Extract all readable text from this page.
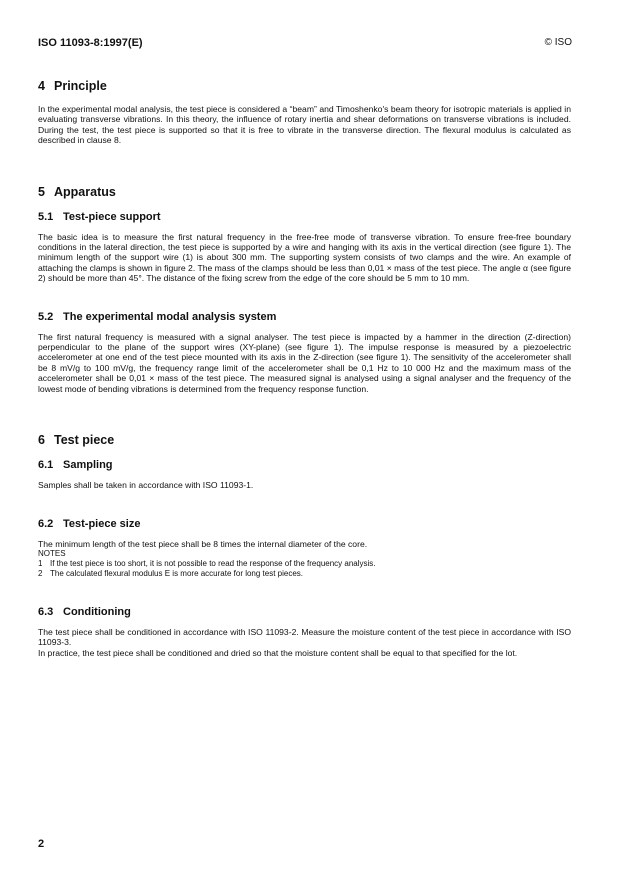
ISO 11093-8:1997(E)	© ISO
4 Principle

In the experimental modal analysis, the test piece is considered a “beam” and Timoshenko's beam theory for isotropic materials is applied in evaluating transverse vibrations. In this theory, the influence of rotary inertia and shear deformations on transverse vibrations is included. During the test, the test piece is supported so that it is free to vibrate in the transverse direction. The flexural modulus is calculated as described in clause 8.

5 Apparatus
5.1 Test-piece support

The basic idea is to measure the first natural frequency in the free-free mode of transverse vibration. To ensure free-free boundary conditions in the lateral direction, the test piece is supported by a wire and hanging with its axis in the vertical direction (see figure 1). The minimum length of the support wire (1) is about 300 mm. The supporting system consists of two clamps and the wire. An example of attaching the clamps is shown in figure 2. The mass of the clamps should be less than 0,01 × mass of the test piece. The angle α (see figure 2) should be more than 45°. The distance of the fixing screw from the edge of the core should be 5 mm to 10 mm.

5.2 The experimental modal analysis system

The first natural frequency is measured with a signal analyser. The test piece is impacted by a hammer in the direction (Z-direction) perpendicular to the plane of the support wires (XY-plane) (see figure 1). The impulse response is measured by a piezoelectric accelerometer at one end of the test piece mounted with its axis in the Z-direction (see figure 1). The sensitivity of the accelerometer shall be 8 mV/g to 100 mV/g, the frequency range limit of the accelerometer shall be 0,1 Hz to 10 000 Hz and the maximum mass of the accelerometer shall be 0,01 × mass of the test piece. The measured signal is analysed using a signal analyser and the frequency of the lowest mode of bending vibrations is determined from the frequency response function.

6 Test piece
6.1 Sampling

Samples shall be taken in accordance with ISO 11093-1.

6.2 Test-piece size

The minimum length of the test piece shall be 8 times the internal diameter of the core.

NOTES

1 If the test piece is too short, it is not possible to read the response of the frequency analysis.

2 The calculated flexural modulus E is more accurate for long test pieces.

6.3 Conditioning

The test piece shall be conditioned in accordance with ISO 11093-2. Measure the moisture content of the test piece in accordance with ISO 11093-3.

In practice, the test piece shall be conditioned and dried so that the moisture content shall be equal to that specified for the lot.

2
